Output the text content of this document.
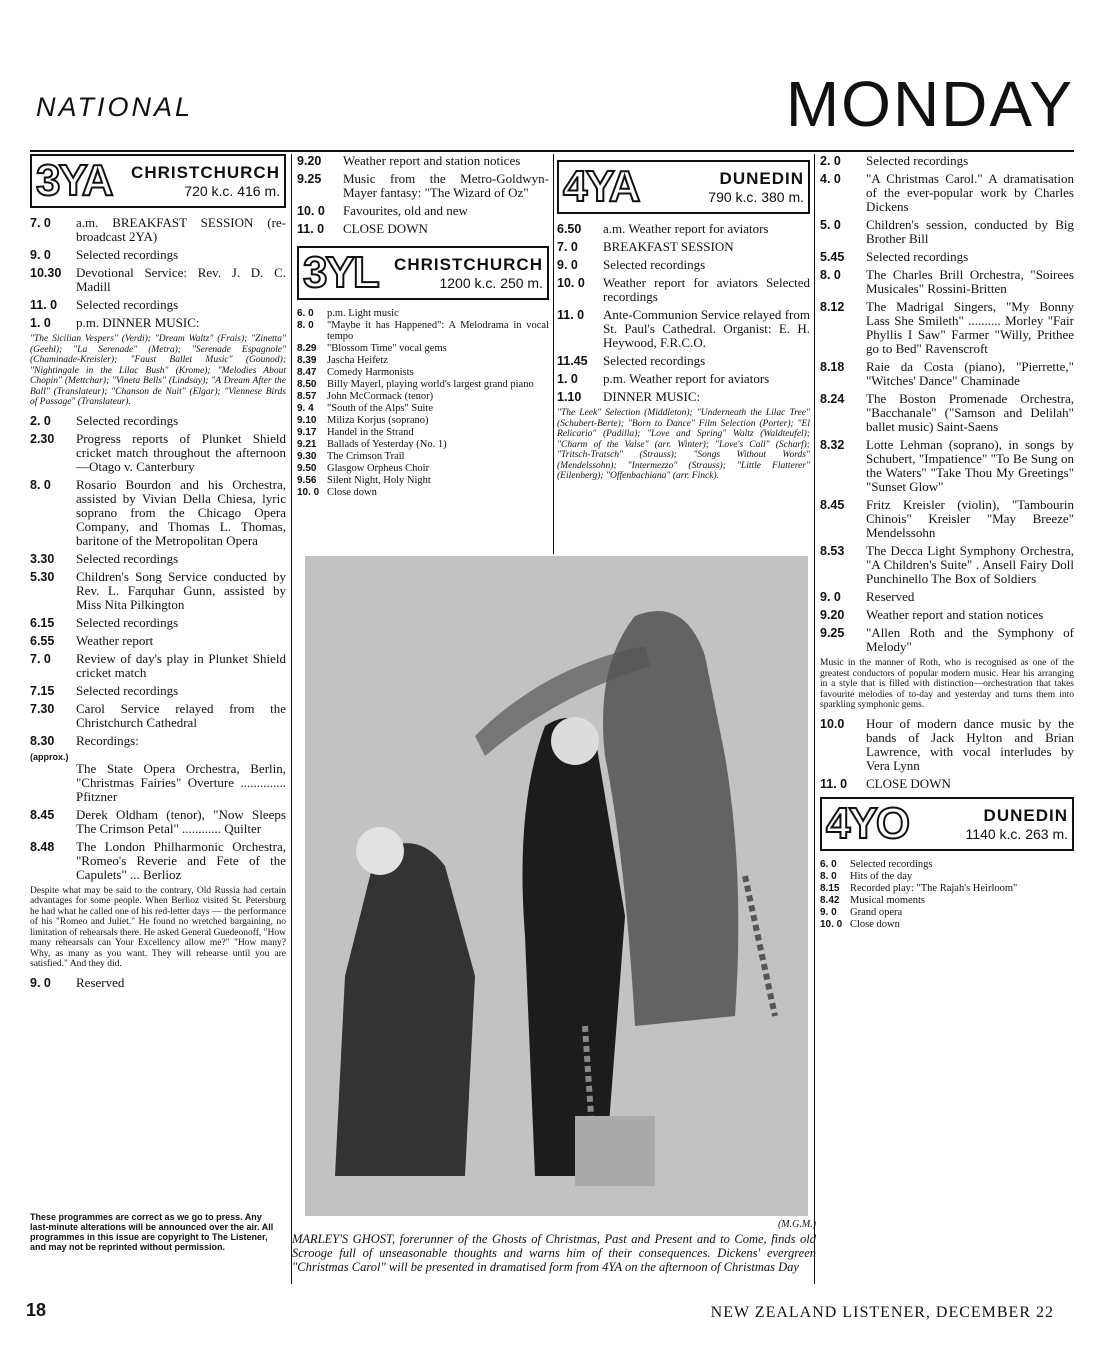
NATIONAL	MONDAY
3YA	CHRISTCHURCH
720 k.c. 416 m.
7. 0	a.m. BREAKFAST SESSION (re-broadcast 2YA)
9. 0	Selected recordings
10.30	Devotional Service: Rev. J. D. C. Madill
11. 0	Selected recordings
1. 0	p.m. DINNER MUSIC:
"The Sicilian Vespers" (Verdi); "Dream Waltz" (Frais); "Zinetta" (Geehl); "La Serenade" (Metra); "Serenade Espagnole" (Chaminade-Kreisler); "Faust Ballet Music" (Gounod); "Nightingale in the Lilac Bush" (Krome); "Melodies About Chopin" (Mettchar); "Vineta Bells" (Lindsay); "A Dream After the Ball" (Translateur); "Chanson de Nuit" (Elgar); "Viennese Birds of Passage" (Translateur).
2. 0	Selected recordings
2.30	Progress reports of Plunket Shield cricket match throughout the afternoon—Otago v. Canterbury
8. 0	Rosario Bourdon and his Orchestra, assisted by Vivian Della Chiesa, lyric soprano from the Chicago Opera Company, and Thomas L. Thomas, baritone of the Metropolitan Opera
3.30	Selected recordings
5.30	Children's Song Service conducted by Rev. L. Farquhar Gunn, assisted by Miss Nita Pilkington
6.15	Selected recordings
6.55	Weather report
7. 0	Review of day's play in Plunket Shield cricket match
7.15	Selected recordings
7.30	Carol Service relayed from the Christchurch Cathedral
8.30	Recordings:
(approx.)
The State Opera Orchestra, Berlin, "Christmas Fairies" Overture .............. Pfitzner
8.45	Derek Oldham (tenor), "Now Sleeps The Crimson Petal" ............ Quilter
8.48	The London Philharmonic Orchestra, "Romeo's Reverie and Fete of the Capulets" ... Berlioz
Despite what may be said to the contrary, Old Russia had certain advantages for some people. When Berlioz visited St. Petersburg he had what he called one of his red-letter days — the performance of his "Romeo and Juliet." He found no wretched bargaining, no limitation of rehearsals there. He asked General Guedeonoff, "How many rehearsals can Your Excellency allow me?" "How many? Why, as many as you want. They will rehearse until you are satisfied." And they did.
9. 0	Reserved
These programmes are correct as we go to press. Any last-minute alterations will be announced over the air. All programmes in this issue are copyright to The Listener, and may not be reprinted without permission.
9.20	Weather report and station notices
9.25	Music from the Metro-Goldwyn-Mayer fantasy: "The Wizard of Oz"
10. 0	Favourites, old and new
11. 0	CLOSE DOWN
3YL CHRISTCHURCH
1200 k.c. 250 m.
6. 0	p.m. Light music
8. 0	"Maybe it has Happened": A Melodrama in vocal tempo
8.29	"Blossom Time" vocal gems
8.39	Jascha Heifetz
8.47	Comedy Harmonists
8.50	Billy Mayerl, playing world's largest grand piano
8.57	John McCormack (tenor)
9. 4	"South of the Alps" Suite
9.10	Miliza Korjus (soprano)
9.17	Handel in the Strand
9.21	Ballads of Yesterday (No. 1)
9.30	The Crimson Trail
9.50	Glasgow Orpheus Choir
9.56	Silent Night, Holy Night
10. 0 Close down
4YA	DUNEDIN
790 k.c. 380 m.
6.50	a.m. Weather report for aviators
7. 0	BREAKFAST SESSION
9. 0	Selected recordings
10. 0	Weather report for aviators Selected recordings
11. 0	Ante-Communion Service relayed from St. Paul's Cathedral. Organist: E. H. Heywood, F.R.C.O.
11.45	Selected recordings
1. 0	p.m. Weather report for aviators
1.10	DINNER MUSIC:
"The Leek" Selection (Middleton); "Underneath the Lilac Tree" (Schubert-Berte); "Born to Dance" Film Selection (Porter); "El Relicario" (Padilla); "Love and Spring" Waltz (Waldteufel); "Charm of the Valse" (arr. Winter); "Love's Call" (Scharf); "Tritsch-Tratsch" (Strauss); "Songs Without Words" (Mendelssohn); "Intermezzo" (Strauss); "Little Flatterer" (Eilenberg); "Offenbachiana" (arr. Finck).
(M.G.M.)
MARLEY'S GHOST, forerunner of the Ghosts of Christmas, Past and Present and to Come, finds old Scrooge full of unseasonable thoughts and warns him of their consequences. Dickens' evergreen "Christmas Carol" will be presented in dramatised form from 4YA on the afternoon of Christmas Day
2. 0	Selected recordings
4. 0	"A Christmas Carol." A dramatisation of the ever-popular work by Charles Dickens
5. 0	Children's session, conducted by Big Brother Bill
5.45	Selected recordings
8. 0	The Charles Brill Orchestra, "Soirees Musicales" Rossini-Britten
8.12	The Madrigal Singers, "My Bonny Lass She Smileth" .......... Morley "Fair Phyllis I Saw" Farmer "Willy, Prithee go to Bed" Ravenscroft
8.18	Raie da Costa (piano), "Pierrette," "Witches' Dance" Chaminade
8.24	The Boston Promenade Orchestra, "Bacchanale" ("Samson and Delilah" ballet music) Saint-Saens
8.32	Lotte Lehman (soprano), in songs by Schubert, "Impatience" "To Be Sung on the Waters" "Take Thou My Greetings" "Sunset Glow"
8.45	Fritz Kreisler (violin), "Tambourin Chinois" Kreisler "May Breeze" Mendelssohn
8.53	The Decca Light Symphony Orchestra, "A Children's Suite" . Ansell Fairy Doll Punchinello The Box of Soldiers
9. 0	Reserved
9.20	Weather report and station notices
9.25	"Allen Roth and the Symphony of Melody"
Music in the manner of Roth, who is recognised as one of the greatest conductors of popular modern music. Hear his arranging in a style that is filled with distinction—orchestration that takes favourite melodies of to-day and yesterday and turns them into sparkling symphonic gems.
10.0	Hour of modern dance music by the bands of Jack Hylton and Brian Lawrence, with vocal interludes by Vera Lynn
11. 0	CLOSE DOWN
4YO	DUNEDIN
1140 k.c. 263 m.
6. 0	Selected recordings
8. 0	Hits of the day
8.15	Recorded play: "The Rajah's Heirloom"
8.42	Musical moments
9. 0	Grand opera
10. 0 Close down
18	NEW ZEALAND LISTENER, DECEMBER 22
